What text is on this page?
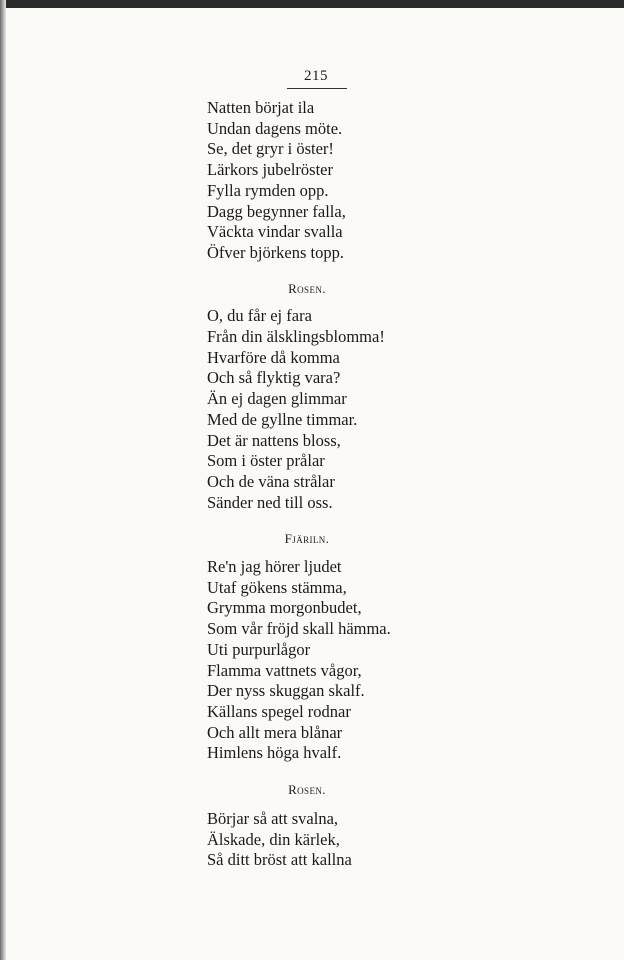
215
Natten börjat ila
Undan dagens möte.
Se, det gryr i öster!
Lärkors jubelröster
Fylla rymden opp.
Dagg begynner falla,
Väckta vindar svalla
Öfver björkens topp.
Rosen.
O, du får ej fara
Från din älsklingsblomma!
Hvarföre då komma
Och så flyktig vara?
Än ej dagen glimmar
Med de gyllne timmar.
Det är nattens bloss,
Som i öster prålar
Och de väna strålar
Sänder ned till oss.
Fjäriln.
Re'n jag hörer ljudet
Utaf gökens stämma,
Grymma morgonbudet,
Som vår fröjd skall hämma.
Uti purpurlågor
Flamma vattnets vågor,
Der nyss skuggan skalf.
Källans spegel rodnar
Och allt mera blånar
Himlens höga hvalf.
Rosen.
Börjar så att svalna,
Älskade, din kärlek,
Så ditt bröst att kallna
